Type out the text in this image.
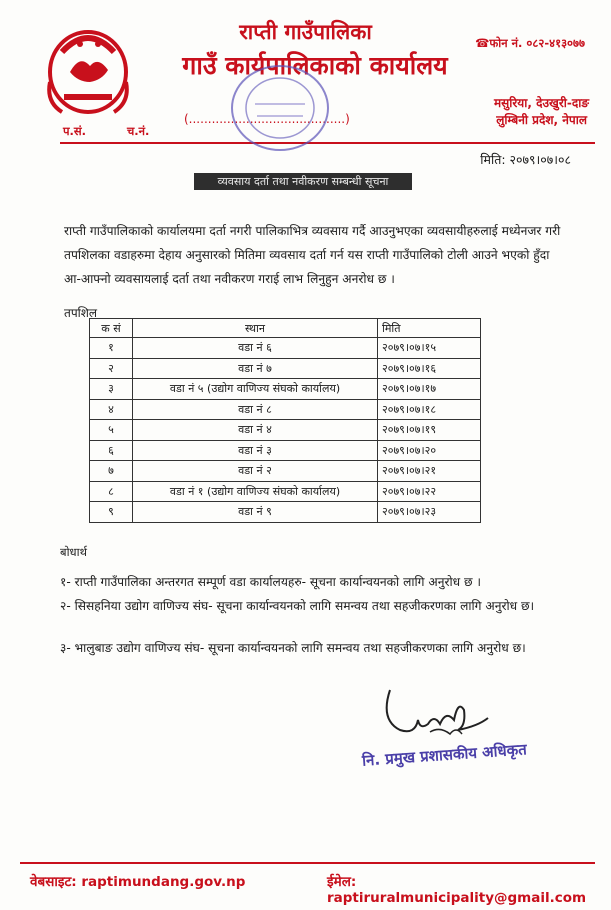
राप्ती गाउँपालिका
गाउँ कार्यपालिकाको कार्यालय
☎फोन नं. ०८२-४१३०७७
मसुरिया, देउखुरी-दाङ
लुम्बिनी प्रदेश, नेपाल
(.........................................)
प.सं.	च.नं.
मिति: २०७९।०७।०८
व्यवसाय दर्ता तथा नवीकरण सम्बन्धी सूचना
राप्ती गाउँपालिकाको कार्यालयमा दर्ता नगरी पालिकाभित्र व्यवसाय गर्दै आउनुभएका व्यवसायीहरुलाई मध्येनजर गरी तपशिलका वडाहरुमा देहाय अनुसारको मितिमा व्यवसाय दर्ता गर्न यस राप्ती गाउँपालिको टोली आउने भएको हुँदा आ-आफ्नो व्यवसायलाई दर्ता तथा नवीकरण गराई लाभ लिनुहुन अनरोध छ ।
तपशिल
क सं	स्थान	मिति
१	वडा नं ६	२०७९।०७।१५
२	वडा नं ७	२०७९।०७।१६
३	वडा नं ५ (उद्योग वाणिज्य संघको कार्यालय)	२०७९।०७।१७
४	वडा नं ८	२०७९।०७।१८
५	वडा नं ४	२०७९।०७।१९
६	वडा नं ३	२०७९।०७।२०
७	वडा नं २	२०७९।०७।२१
८	वडा नं १ (उद्योग वाणिज्य संघको कार्यालय)	२०७९।०७।२२
९	वडा नं ९	२०७९।०७।२३
बोधार्थ
१- राप्ती गाउँपालिका अन्तरगत सम्पूर्ण वडा कार्यालयहरु- सूचना कार्यान्वयनको लागि अनुरोध छ ।
२- सिसहनिया उद्योग वाणिज्य संघ- सूचना कार्यान्वयनको लागि समन्वय तथा सहजीकरणका लागि अनुरोध छ।
३- भालुबाङ उद्योग वाणिज्य संघ- सूचना कार्यान्वयनको लागि समन्वय तथा सहजीकरणका लागि अनुरोध छ।
नि. प्रमुख प्रशासकीय अधिकृत
वेबसाइट: raptimundang.gov.np	ईमेल: raptiruralmunicipality@gmail.com
